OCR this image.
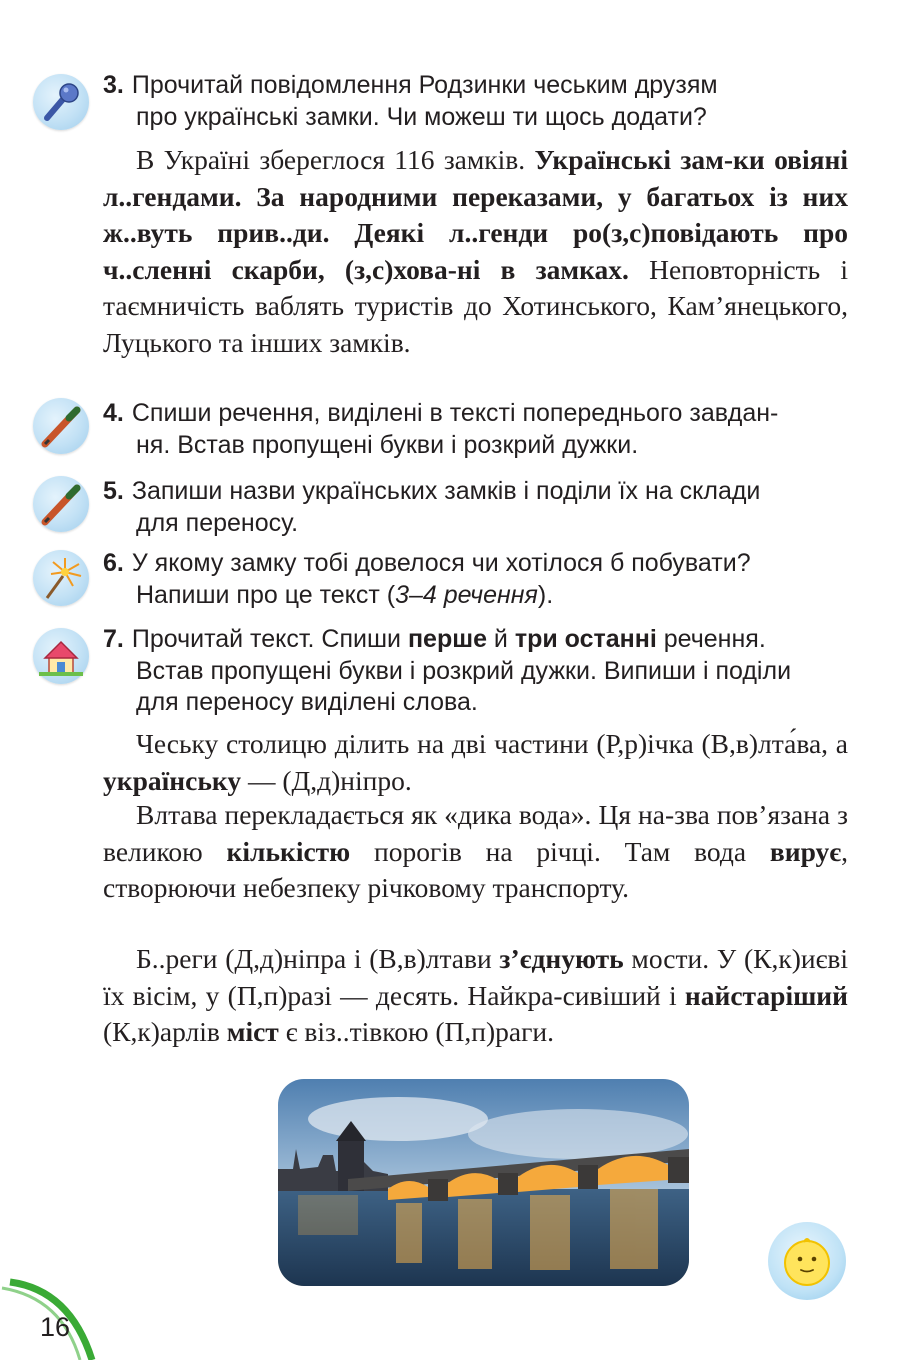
3. Прочитай повідомлення Родзинки чеським друзям
про українські замки. Чи можеш ти щось додати?
В Україні збереглося 116 замків. Українські зам-ки овіяні л..гендами. За народними переказами, у багатьох із них ж..вуть прив..ди. Деякі л..генди ро(з,с)повідають про ч..сленні скарби, (з,с)хова-ні в замках. Неповторність і таємничість ваблять туристів до Хотинського, Кам’янецького, Луцького та інших замків.
4. Спиши речення, виділені в тексті попереднього завдан-
ня. Встав пропущені букви і розкрий дужки.
5. Запиши назви українських замків і поділи їх на склади
для переносу.
6. У якому замку тобі довелося чи хотілося б побувати?
Напиши про це текст (3–4 речення).
7. Прочитай текст. Спиши перше й три останні речення.
Встав пропущені букви і розкрий дужки. Випиши і поділи
для переносу виділені слова.
Чеську столицю ділить на дві частини (Р,р)ічка (В,в)лта́ва, а українську — (Д,д)ніпро.
Влтава перекладається як «дика вода». Ця на-зва пов’язана з великою кількістю порогів на річці. Там вода вирує, створюючи небезпеку річковому транспорту.
Б..реги (Д,д)ніпра і (В,в)лтави з’єднують мости. У (К,к)иєві їх вісім, у (П,п)разі — десять. Найкра-сивіший і найстаріший (К,к)арлів міст є віз..тівкою (П,п)раги.
16
